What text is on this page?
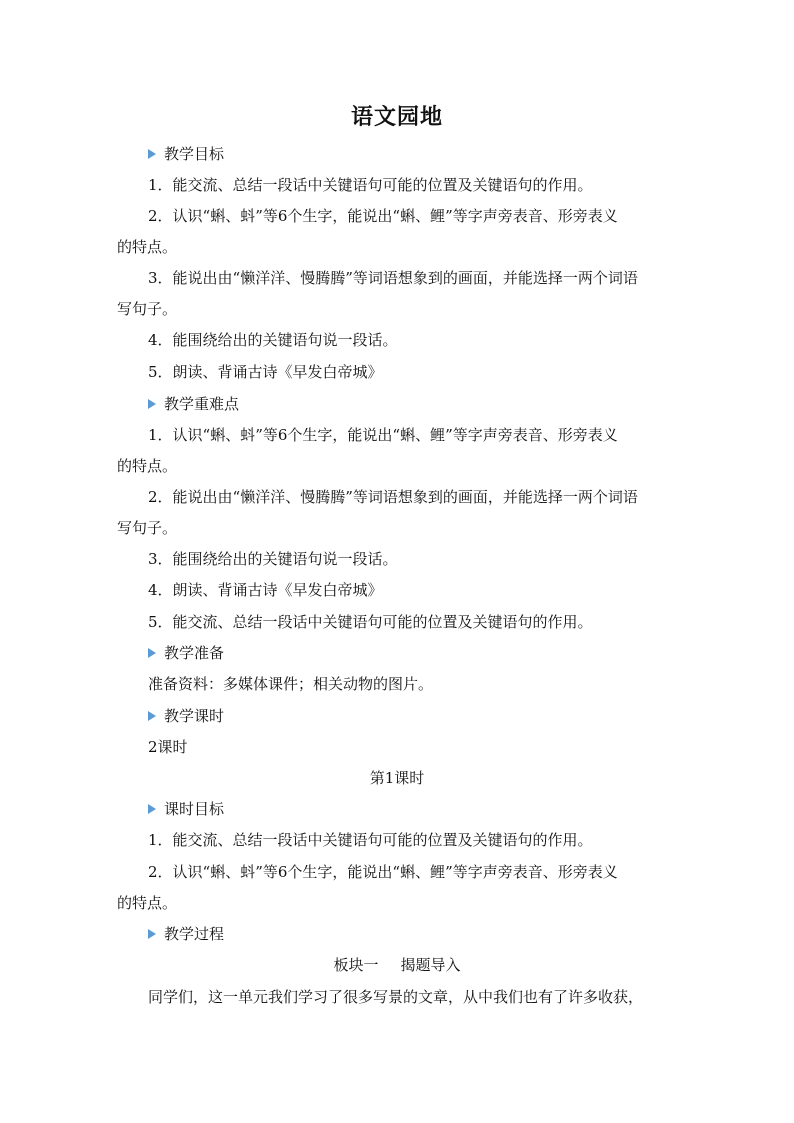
语文园地
教学目标
1．能交流、总结一段话中关键语句可能的位置及关键语句的作用。
2．认识“蝌、蚪”等6个生字，能说出“蝌、鲤”等字声旁表音、形旁表义
的特点。
3．能说出由“懒洋洋、慢腾腾”等词语想象到的画面，并能选择一两个词语
写句子。
4．能围绕给出的关键语句说一段话。
5．朗读、背诵古诗《早发白帝城》
教学重难点
1．认识“蝌、蚪”等6个生字，能说出“蝌、鲤”等字声旁表音、形旁表义
的特点。
2．能说出由“懒洋洋、慢腾腾”等词语想象到的画面，并能选择一两个词语
写句子。
3．能围绕给出的关键语句说一段话。
4．朗读、背诵古诗《早发白帝城》
5．能交流、总结一段话中关键语句可能的位置及关键语句的作用。
教学准备
准备资料：多媒体课件；相关动物的图片。
教学课时
2课时
第1课时
课时目标
1．能交流、总结一段话中关键语句可能的位置及关键语句的作用。
2．认识“蝌、蚪”等6个生字，能说出“蝌、鲤”等字声旁表音、形旁表义
的特点。
教学过程
板块一 揭题导入
同学们，这一单元我们学习了很多写景的文章，从中我们也有了许多收获，
